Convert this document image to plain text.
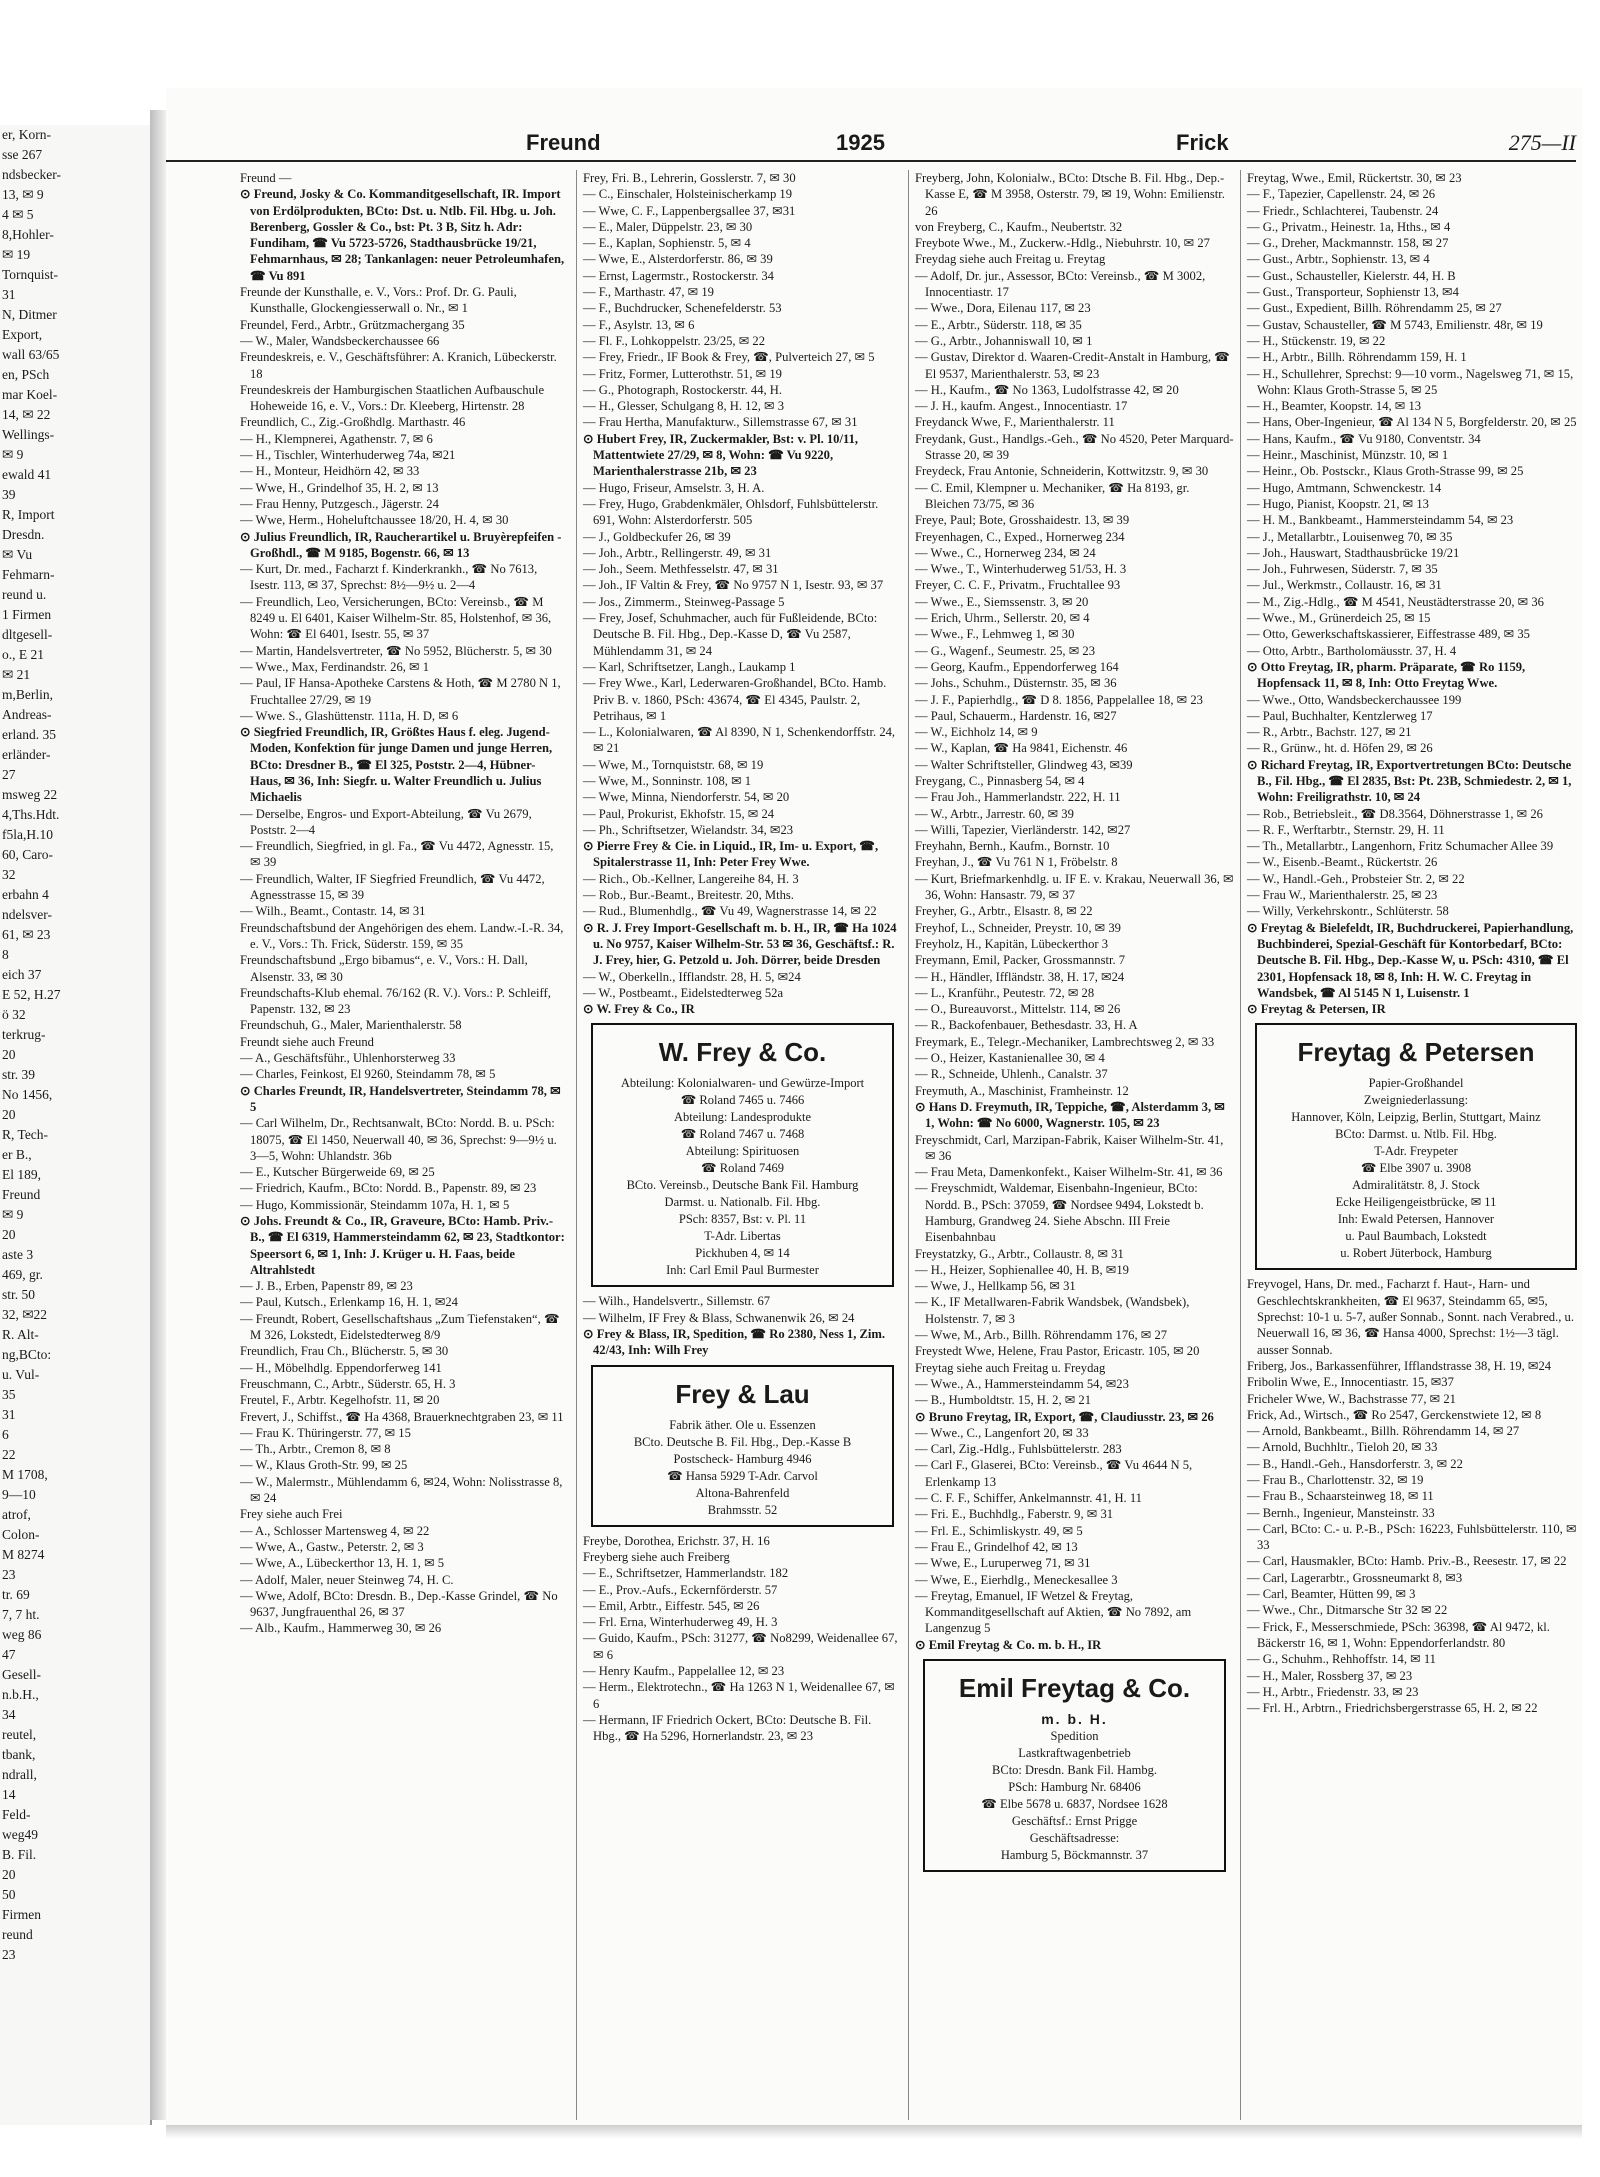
er, Korn-
sse 267
ndsbecker-
13, ✉ 9
4 ✉ 5
8,Hohler-
✉ 19
Tornquist-
31
N, Ditmer
Export,
wall 63/65
en, PSch
mar Koel-
14, ✉ 22
Wellings-
✉ 9
ewald 41
39
R, Import
Dresdn.
✉ Vu
Fehmarn-
reund u.
1 Firmen
dltgesell-
o., E 21
✉ 21
m,Berlin,
Andreas-
erland. 35
erländer-
27
msweg 22
4,Ths.Hdt.
f5la,H.10
60, Caro-
32
erbahn 4
ndelsver-
61, ✉ 23
8
eich 37
E 52, H.27
ö 32
terkrug-
20
str. 39
No 1456,
20
R, Tech-
er B.,
El 189,
Freund
✉ 9
20
aste 3
469, gr.
str. 50
32, ✉22
R. Alt-
ng,BCto:
u. Vul-
35
31
6
22
M 1708,
9—10
atrof,
Colon-
M 8274
23
tr. 69
7, 7 ht.
weg 86
47
Gesell-
n.b.H.,
34
reutel,
tbank,
ndrall,
14
Feld-
weg49
B. Fil.
20
50
Firmen
reund
23
Freund	1925	Frick	275—II

Freund —

⊙ Freund, Josky & Co. Kommanditgesellschaft, IR. Import von Erdölprodukten, BCto: Dst. u. Ntlb. Fil. Hbg. u. Joh. Berenberg, Gossler & Co., bst: Pt. 3 B, Sitz h. Adr: Fundiham, ☎ Vu 5723-5726, Stadthausbrücke 19/21, Fehmarnhaus, ✉ 28; Tankanlagen: neuer Petroleumhafen, ☎ Vu 891

Freunde der Kunsthalle, e. V., Vors.: Prof. Dr. G. Pauli, Kunsthalle, Glockengiesserwall o. Nr., ✉ 1

Freundel, Ferd., Arbtr., Grützmachergang 35

— W., Maler, Wandsbeckerchaussee 66

Freundeskreis, e. V., Geschäftsführer: A. Kranich, Lübeckerstr. 18

Freundeskreis der Hamburgischen Staatlichen Aufbauschule Hoheweide 16, e. V., Vors.: Dr. Kleeberg, Hirtenstr. 28

Freundlich, C., Zig.-Großhdlg. Marthastr. 46

— H., Klempnerei, Agathenstr. 7, ✉ 6

— H., Tischler, Winterhuderweg 74a, ✉21

— H., Monteur, Heidhörn 42, ✉ 33

— Wwe, H., Grindelhof 35, H. 2, ✉ 13

— Frau Henny, Putzgesch., Jägerstr. 24

— Wwe, Herm., Hoheluftchaussee 18/20, H. 4, ✉ 30

⊙ Julius Freundlich, IR, Raucherartikel u. Bruyèrepfeifen - Großhdl., ☎ M 9185, Bogenstr. 66, ✉ 13

— Kurt, Dr. med., Facharzt f. Kinderkrankh., ☎ No 7613, Isestr. 113, ✉ 37, Sprechst: 8½—9½ u. 2—4

— Freundlich, Leo, Versicherungen, BCto: Vereinsb., ☎ M 8249 u. El 6401, Kaiser Wilhelm-Str. 85, Holstenhof, ✉ 36, Wohn: ☎ El 6401, Isestr. 55, ✉ 37

— Martin, Handelsvertreter, ☎ No 5952, Blücherstr. 5, ✉ 30

— Wwe., Max, Ferdinandstr. 26, ✉ 1

— Paul, IF Hansa-Apotheke Carstens & Hoth, ☎ M 2780 N 1, Fruchtallee 27/29, ✉ 19

— Wwe. S., Glashüttenstr. 111a, H. D, ✉ 6

⊙ Siegfried Freundlich, IR, Größtes Haus f. eleg. Jugend-Moden, Konfektion für junge Damen und junge Herren, BCto: Dresdner B., ☎ El 325, Poststr. 2—4, Hübner-Haus, ✉ 36, Inh: Siegfr. u. Walter Freundlich u. Julius Michaelis

— Derselbe, Engros- und Export-Abteilung, ☎ Vu 2679, Poststr. 2—4

— Freundlich, Siegfried, in gl. Fa., ☎ Vu 4472, Agnesstr. 15, ✉ 39

— Freundlich, Walter, IF Siegfried Freundlich, ☎ Vu 4472, Agnesstrasse 15, ✉ 39

— Wilh., Beamt., Contastr. 14, ✉ 31

Freundschaftsbund der Angehörigen des ehem. Landw.-I.-R. 34, e. V., Vors.: Th. Frick, Süderstr. 159, ✉ 35

Freundschaftsbund „Ergo bibamus“, e. V., Vors.: H. Dall, Alsenstr. 33, ✉ 30

Freundschafts-Klub ehemal. 76/162 (R. V.). Vors.: P. Schleiff, Papenstr. 132, ✉ 23

Freundschuh, G., Maler, Marienthalerstr. 58

Freundt siehe auch Freund

— A., Geschäftsführ., Uhlenhorsterweg 33

— Charles, Feinkost, El 9260, Steindamm 78, ✉ 5

⊙ Charles Freundt, IR, Handelsvertreter, Steindamm 78, ✉ 5

— Carl Wilhelm, Dr., Rechtsanwalt, BCto: Nordd. B. u. PSch: 18075, ☎ El 1450, Neuerwall 40, ✉ 36, Sprechst: 9—9½ u. 3—5, Wohn: Uhlandstr. 36b

— E., Kutscher Bürgerweide 69, ✉ 25

— Friedrich, Kaufm., BCto: Nordd. B., Papenstr. 89, ✉ 23

— Hugo, Kommissionär, Steindamm 107a, H. 1, ✉ 5

⊙ Johs. Freundt & Co., IR, Graveure, BCto: Hamb. Priv.-B., ☎ El 6319, Hammersteindamm 62, ✉ 23, Stadtkontor: Speersort 6, ✉ 1, Inh: J. Krüger u. H. Faas, beide Altrahlstedt

— J. B., Erben, Papenstr 89, ✉ 23

— Paul, Kutsch., Erlenkamp 16, H. 1, ✉24

— Freundt, Robert, Gesellschaftshaus „Zum Tiefenstaken“, ☎ M 326, Lokstedt, Eidelstedterweg 8/9

Freundlich, Frau Ch., Blücherstr. 5, ✉ 30

— H., Möbelhdlg. Eppendorferweg 141

Freuschmann, C., Arbtr., Süderstr. 65, H. 3

Freutel, F., Arbtr. Kegelhofstr. 11, ✉ 20

Frevert, J., Schiffst., ☎ Ha 4368, Brauerknechtgraben 23, ✉ 11

— Frau K. Thüringerstr. 77, ✉ 15

— Th., Arbtr., Cremon 8, ✉ 8

— W., Klaus Groth-Str. 99, ✉ 25

— W., Malermstr., Mühlendamm 6, ✉24, Wohn: Nolisstrasse 8, ✉ 24

Frey siehe auch Frei

— A., Schlosser Martensweg 4, ✉ 22

— Wwe, A., Gastw., Peterstr. 2, ✉ 3

— Wwe, A., Lübeckerthor 13, H. 1, ✉ 5

— Adolf, Maler, neuer Steinweg 74, H. C.

— Wwe, Adolf, BCto: Dresdn. B., Dep.-Kasse Grindel, ☎ No 9637, Jungfrauenthal 26, ✉ 37

— Alb., Kaufm., Hammerweg 30, ✉ 26

Frey, Fri. B., Lehrerin, Gosslerstr. 7, ✉ 30

— C., Einschaler, Holsteinischerkamp 19

— Wwe, C. F., Lappenbergsallee 37, ✉31

— E., Maler, Düppelstr. 23, ✉ 30

— E., Kaplan, Sophienstr. 5, ✉ 4

— Wwe, E., Alsterdorferstr. 86, ✉ 39

— Ernst, Lagermstr., Rostockerstr. 34

— F., Marthastr. 47, ✉ 19

— F., Buchdrucker, Schenefelderstr. 53

— F., Asylstr. 13, ✉ 6

— Fl. F., Lohkoppelstr. 23/25, ✉ 22

— Frey, Friedr., IF Book & Frey, ☎, Pulverteich 27, ✉ 5

— Fritz, Former, Lutterothstr. 51, ✉ 19

— G., Photograph, Rostockerstr. 44, H.

— H., Glesser, Schulgang 8, H. 12, ✉ 3

— Frau Hertha, Manufakturw., Sillemstrasse 67, ✉ 31

⊙ Hubert Frey, IR, Zuckermakler, Bst: v. Pl. 10/11, Mattentwiete 27/29, ✉ 8, Wohn: ☎ Vu 9220, Marienthalerstrasse 21b, ✉ 23

— Hugo, Friseur, Amselstr. 3, H. A.

— Frey, Hugo, Grabdenkmäler, Ohlsdorf, Fuhlsbüttelerstr. 691, Wohn: Alsterdorferstr. 505

— J., Goldbeckufer 26, ✉ 39

— Joh., Arbtr., Rellingerstr. 49, ✉ 31

— Joh., Seem. Methfesselstr. 47, ✉ 31

— Joh., IF Valtin & Frey, ☎ No 9757 N 1, Isestr. 93, ✉ 37

— Jos., Zimmerm., Steinweg-Passage 5

— Frey, Josef, Schuhmacher, auch für Fußleidende, BCto: Deutsche B. Fil. Hbg., Dep.-Kasse D, ☎ Vu 2587, Mühlendamm 31, ✉ 24

— Karl, Schriftsetzer, Langh., Laukamp 1

— Frey Wwe., Karl, Lederwaren-Großhandel, BCto. Hamb. Priv B. v. 1860, PSch: 43674, ☎ El 4345, Paulstr. 2, Petrihaus, ✉ 1

— L., Kolonialwaren, ☎ Al 8390, N 1, Schenkendorffstr. 24, ✉ 21

— Wwe, M., Tornquiststr. 68, ✉ 19

— Wwe, M., Sonninstr. 108, ✉ 1

— Wwe, Minna, Niendorferstr. 54, ✉ 20

— Paul, Prokurist, Ekhofstr. 15, ✉ 24

— Ph., Schriftsetzer, Wielandstr. 34, ✉23

⊙ Pierre Frey & Cie. in Liquid., IR, Im- u. Export, ☎, Spitalerstrasse 11, Inh: Peter Frey Wwe.

— Rich., Ob.-Kellner, Langereihe 84, H. 3

— Rob., Bur.-Beamt., Breitestr. 20, Mths.

— Rud., Blumenhdlg., ☎ Vu 49, Wagnerstrasse 14, ✉ 22

⊙ R. J. Frey Import-Gesellschaft m. b. H., IR, ☎ Ha 1024 u. No 9757, Kaiser Wilhelm-Str. 53 ✉ 36, Geschäftsf.: R. J. Frey, hier, G. Petzold u. Joh. Dörrer, beide Dresden

— W., Oberkelln., Ifflandstr. 28, H. 5, ✉24

— W., Postbeamt., Eidelstedterweg 52a

⊙ W. Frey & Co., IR

W. Frey & Co.
Abteilung: Kolonialwaren- und Gewürze-Import
☎ Roland 7465 u. 7466
Abteilung: Landesprodukte
☎ Roland 7467 u. 7468
Abteilung: Spirituosen
☎ Roland 7469
BCto. Vereinsb., Deutsche Bank Fil. Hamburg
Darmst. u. Nationalb. Fil. Hbg.
PSch: 8357, Bst: v. Pl. 11
T-Adr. Libertas
Pickhuben 4, ✉ 14
Inh: Carl Emil Paul Burmester

— Wilh., Handelsvertr., Sillemstr. 67

— Wilhelm, IF Frey & Blass, Schwanenwik 26, ✉ 24

⊙ Frey & Blass, IR, Spedition, ☎ Ro 2380, Ness 1, Zim. 42/43, Inh: Wilh Frey

Frey & Lau
Fabrik äther. Ole u. Essenzen
BCto. Deutsche B. Fil. Hbg., Dep.-Kasse B
Postscheck- Hamburg 4946
☎ Hansa 5929 T-Adr. Carvol
Altona-Bahrenfeld
Brahmsstr. 52

Freybe, Dorothea, Erichstr. 37, H. 16

Freyberg siehe auch Freiberg

— E., Schriftsetzer, Hammerlandstr. 182

— E., Prov.-Aufs., Eckernförderstr. 57

— Emil, Arbtr., Eiffestr. 545, ✉ 26

— Frl. Erna, Winterhuderweg 49, H. 3

— Guido, Kaufm., PSch: 31277, ☎ No8299, Weidenallee 67, ✉ 6

— Henry Kaufm., Pappelallee 12, ✉ 23

— Herm., Elektrotechn., ☎ Ha 1263 N 1, Weidenallee 67, ✉ 6

— Hermann, IF Friedrich Ockert, BCto: Deutsche B. Fil. Hbg., ☎ Ha 5296, Hornerlandstr. 23, ✉ 23

Freyberg, John, Kolonialw., BCto: Dtsche B. Fil. Hbg., Dep.-Kasse E, ☎ M 3958, Osterstr. 79, ✉ 19, Wohn: Emilienstr. 26

von Freyberg, C., Kaufm., Neubertstr. 32

Freybote Wwe., M., Zuckerw.-Hdlg., Niebuhrstr. 10, ✉ 27

Freydag siehe auch Freitag u. Freytag

— Adolf, Dr. jur., Assessor, BCto: Vereinsb., ☎ M 3002, Innocentiastr. 17

— Wwe., Dora, Eilenau 117, ✉ 23

— E., Arbtr., Süderstr. 118, ✉ 35

— G., Arbtr., Johanniswall 10, ✉ 1

— Gustav, Direktor d. Waaren-Credit-Anstalt in Hamburg, ☎ El 9537, Marienthalerstr. 53, ✉ 23

— H., Kaufm., ☎ No 1363, Ludolfstrasse 42, ✉ 20

— J. H., kaufm. Angest., Innocentiastr. 17

Freydanck Wwe, F., Marienthalerstr. 11

Freydank, Gust., Handlgs.-Geh., ☎ No 4520, Peter Marquard-Strasse 20, ✉ 39

Freydeck, Frau Antonie, Schneiderin, Kottwitzstr. 9, ✉ 30

— C. Emil, Klempner u. Mechaniker, ☎ Ha 8193, gr. Bleichen 73/75, ✉ 36

Freye, Paul; Bote, Grosshaidestr. 13, ✉ 39

Freyenhagen, C., Exped., Hornerweg 234

— Wwe., C., Hornerweg 234, ✉ 24

— Wwe., T., Winterhuderweg 51/53, H. 3

Freyer, C. C. F., Privatm., Fruchtallee 93

— Wwe., E., Siemssenstr. 3, ✉ 20

— Erich, Uhrm., Sellerstr. 20, ✉ 4

— Wwe., F., Lehmweg 1, ✉ 30

— G., Wagenf., Seumestr. 25, ✉ 23

— Georg, Kaufm., Eppendorferweg 164

— Johs., Schuhm., Düsternstr. 35, ✉ 36

— J. F., Papierhdlg., ☎ D 8. 1856, Pappelallee 18, ✉ 23

— Paul, Schauerm., Hardenstr. 16, ✉27

— W., Eichholz 14, ✉ 9

— W., Kaplan, ☎ Ha 9841, Eichenstr. 46

— Walter Schriftsteller, Glindweg 43, ✉39

Freygang, C., Pinnasberg 54, ✉ 4

— Frau Joh., Hammerlandstr. 222, H. 11

— W., Arbtr., Jarrestr. 60, ✉ 39

— Willi, Tapezier, Vierländerstr. 142, ✉27

Freyhahn, Bernh., Kaufm., Bornstr. 10

Freyhan, J., ☎ Vu 761 N 1, Fröbelstr. 8

— Kurt, Briefmarkenhdlg. u. IF E. v. Krakau, Neuerwall 36, ✉ 36, Wohn: Hansastr. 79, ✉ 37

Freyher, G., Arbtr., Elsastr. 8, ✉ 22

Freyhof, L., Schneider, Preystr. 10, ✉ 39

Freyholz, H., Kapitän, Lübeckerthor 3

Freymann, Emil, Packer, Grossmannstr. 7

— H., Händler, Iffländstr. 38, H. 17, ✉24

— L., Kranführ., Peutestr. 72, ✉ 28

— O., Bureauvorst., Mittelstr. 114, ✉ 26

— R., Backofenbauer, Bethesdastr. 33, H. A

Freymark, E., Telegr.-Mechaniker, Lambrechtsweg 2, ✉ 33

— O., Heizer, Kastanienallee 30, ✉ 4

— R., Schneide, Uhlenh., Canalstr. 37

Freymuth, A., Maschinist, Framheinstr. 12

⊙ Hans D. Freymuth, IR, Teppiche, ☎, Alsterdamm 3, ✉ 1, Wohn: ☎ No 6000, Wagnerstr. 105, ✉ 23

Freyschmidt, Carl, Marzipan-Fabrik, Kaiser Wilhelm-Str. 41, ✉ 36

— Frau Meta, Damenkonfekt., Kaiser Wilhelm-Str. 41, ✉ 36

— Freyschmidt, Waldemar, Eisenbahn-Ingenieur, BCto: Nordd. B., PSch: 37059, ☎ Nordsee 9494, Lokstedt b. Hamburg, Grandweg 24. Siehe Abschn. III Freie Eisenbahnbau

Freystatzky, G., Arbtr., Collaustr. 8, ✉ 31

— H., Heizer, Sophienallee 40, H. B, ✉19

— Wwe, J., Hellkamp 56, ✉ 31

— K., IF Metallwaren-Fabrik Wandsbek, (Wandsbek), Holstenstr. 7, ✉ 3

— Wwe, M., Arb., Billh. Röhrendamm 176, ✉ 27

Freystedt Wwe, Helene, Frau Pastor, Ericastr. 105, ✉ 20

Freytag siehe auch Freitag u. Freydag

— Wwe., A., Hammersteindamm 54, ✉23

— B., Humboldtstr. 15, H. 2, ✉ 21

⊙ Bruno Freytag, IR, Export, ☎, Claudiusstr. 23, ✉ 26

— Wwe., C., Langenfort 20, ✉ 33

— Carl, Zig.-Hdlg., Fuhlsbüttelerstr. 283

— Carl F., Glaserei, BCto: Vereinsb., ☎ Vu 4644 N 5, Erlenkamp 13

— C. F. F., Schiffer, Ankelmannstr. 41, H. 11

— Fri. E., Buchhdlg., Faberstr. 9, ✉ 31

— Frl. E., Schimliskystr. 49, ✉ 5

— Frau E., Grindelhof 42, ✉ 13

— Wwe, E., Luruperweg 71, ✉ 31

— Wwe, E., Eierhdlg., Meneckesallee 3

— Freytag, Emanuel, IF Wetzel & Freytag, Kommanditgesellschaft auf Aktien, ☎ No 7892, am Langenzug 5

⊙ Emil Freytag & Co. m. b. H., IR

Emil Freytag & Co.
m. b. H.
Spedition
Lastkraftwagenbetrieb
BCto: Dresdn. Bank Fil. Hambg.
PSch: Hamburg Nr. 68406
☎ Elbe 5678 u. 6837, Nordsee 1628
Geschäftsf.: Ernst Prigge
Geschäftsadresse:
Hamburg 5, Böckmannstr. 37

Freytag, Wwe., Emil, Rückertstr. 30, ✉ 23

— F., Tapezier, Capellenstr. 24, ✉ 26

— Friedr., Schlachterei, Taubenstr. 24

— G., Privatm., Heinestr. 1a, Hths., ✉ 4

— G., Dreher, Mackmannstr. 158, ✉ 27

— Gust., Arbtr., Sophienstr. 13, ✉ 4

— Gust., Schausteller, Kielerstr. 44, H. B

— Gust., Transporteur, Sophienstr 13, ✉4

— Gust., Expedient, Billh. Röhrendamm 25, ✉ 27

— Gustav, Schausteller, ☎ M 5743, Emilienstr. 48r, ✉ 19

— H., Stückenstr. 19, ✉ 22

— H., Arbtr., Billh. Röhrendamm 159, H. 1

— H., Schullehrer, Sprechst: 9—10 vorm., Nagelsweg 71, ✉ 15, Wohn: Klaus Groth-Strasse 5, ✉ 25

— H., Beamter, Koopstr. 14, ✉ 13

— Hans, Ober-Ingenieur, ☎ Al 134 N 5, Borgfelderstr. 20, ✉ 25

— Hans, Kaufm., ☎ Vu 9180, Conventstr. 34

— Heinr., Maschinist, Münzstr. 10, ✉ 1

— Heinr., Ob. Postsckr., Klaus Groth-Strasse 99, ✉ 25

— Hugo, Amtmann, Schwenckestr. 14

— Hugo, Pianist, Koopstr. 21, ✉ 13

— H. M., Bankbeamt., Hammersteindamm 54, ✉ 23

— J., Metallarbtr., Louisenweg 70, ✉ 35

— Joh., Hauswart, Stadthausbrücke 19/21

— Joh., Fuhrwesen, Süderstr. 7, ✉ 35

— Jul., Werkmstr., Collaustr. 16, ✉ 31

— M., Zig.-Hdlg., ☎ M 4541, Neustädterstrasse 20, ✉ 36

— Wwe., M., Grünerdeich 25, ✉ 15

— Otto, Gewerkschaftskassierer, Eiffestrasse 489, ✉ 35

— Otto, Arbtr., Bartholomäusstr. 37, H. 4

⊙ Otto Freytag, IR, pharm. Präparate, ☎ Ro 1159, Hopfensack 11, ✉ 8, Inh: Otto Freytag Wwe.

— Wwe., Otto, Wandsbeckerchaussee 199

— Paul, Buchhalter, Kentzlerweg 17

— R., Arbtr., Bachstr. 127, ✉ 21

— R., Grünw., ht. d. Höfen 29, ✉ 26

⊙ Richard Freytag, IR, Exportvertretungen BCto: Deutsche B., Fil. Hbg., ☎ El 2835, Bst: Pt. 23B, Schmiedestr. 2, ✉ 1, Wohn: Freiligrathstr. 10, ✉ 24

— Rob., Betriebsleit., ☎ D8.3564, Döhnerstrasse 1, ✉ 26

— R. F., Werftarbtr., Sternstr. 29, H. 11

— Th., Metallarbtr., Langenhorn, Fritz Schumacher Allee 39

— W., Eisenb.-Beamt., Rückertstr. 26

— W., Handl.-Geh., Probsteier Str. 2, ✉ 22

— Frau W., Marienthalerstr. 25, ✉ 23

— Willy, Verkehrskontr., Schlüterstr. 58

⊙ Freytag & Bielefeldt, IR, Buchdruckerei, Papierhandlung, Buchbinderei, Spezial-Geschäft für Kontorbedarf, BCto: Deutsche B. Fil. Hbg., Dep.-Kasse W, u. PSch: 4310, ☎ El 2301, Hopfensack 18, ✉ 8, Inh: H. W. C. Freytag in Wandsbek, ☎ Al 5145 N 1, Luisenstr. 1

⊙ Freytag & Petersen, IR

Freytag & Petersen
Papier-Großhandel
Zweigniederlassung:
Hannover, Köln, Leipzig, Berlin, Stuttgart, Mainz
BCto: Darmst. u. Ntlb. Fil. Hbg.
T-Adr. Freypeter
☎ Elbe 3907 u. 3908
Admiralitätstr. 8, J. Stock
Ecke Heiligengeistbrücke, ✉ 11
Inh: Ewald Petersen, Hannover
u. Paul Baumbach, Lokstedt
u. Robert Jüterbock, Hamburg

Freyvogel, Hans, Dr. med., Facharzt f. Haut-, Harn- und Geschlechtskrankheiten, ☎ El 9637, Steindamm 65, ✉5, Sprechst: 10-1 u. 5-7, außer Sonnab., Sonnt. nach Verabred., u. Neuerwall 16, ✉ 36, ☎ Hansa 4000, Sprechst: 1½—3 tägl. ausser Sonnab.

Friberg, Jos., Barkassenführer, Ifflandstrasse 38, H. 19, ✉24

Fribolin Wwe, E., Innocentiastr. 15, ✉37

Fricheler Wwe, W., Bachstrasse 77, ✉ 21

Frick, Ad., Wirtsch., ☎ Ro 2547, Gerckenstwiete 12, ✉ 8

— Arnold, Bankbeamt., Billh. Röhrendamm 14, ✉ 27

— Arnold, Buchhltr., Tieloh 20, ✉ 33

— B., Handl.-Geh., Hansdorferstr. 3, ✉ 22

— Frau B., Charlottenstr. 32, ✉ 19

— Frau B., Schaarsteinweg 18, ✉ 11

— Bernh., Ingenieur, Mansteinstr. 33

— Carl, BCto: C.- u. P.-B., PSch: 16223, Fuhlsbüttelerstr. 110, ✉ 33

— Carl, Hausmakler, BCto: Hamb. Priv.-B., Reesestr. 17, ✉ 22

— Carl, Lagerarbtr., Grossneumarkt 8, ✉3

— Carl, Beamter, Hütten 99, ✉ 3

— Wwe., Chr., Ditmarsche Str 32 ✉ 22

— Frick, F., Messerschmiede, PSch: 36398, ☎ Al 9472, kl. Bäckerstr 16, ✉ 1, Wohn: Eppendorferlandstr. 80

— G., Schuhm., Rehhoffstr. 14, ✉ 11

— H., Maler, Rossberg 37, ✉ 23

— H., Arbtr., Friedenstr. 33, ✉ 23

— Frl. H., Arbtrn., Friedrichsbergerstrasse 65, H. 2, ✉ 22
